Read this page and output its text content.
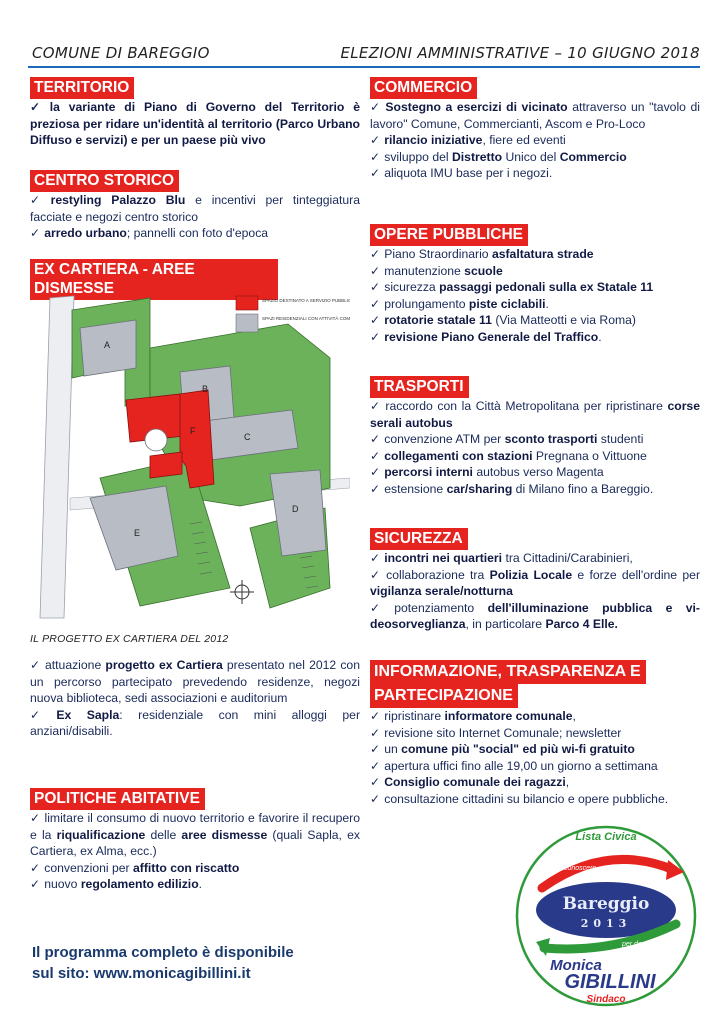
COMUNE DI BAREGGIO	ELEZIONI AMMINISTRATIVE – 10 GIUGNO 2018
TERRITORIO
✓ la variante di Piano di Governo del Territorio è preziosa per ridare un'identità al territorio (Parco Urbano Diffuso e servizi) e per un paese più vivo
CENTRO STORICO
✓ restyling Palazzo Blu e incentivi per tinteggiatura facciate e negozi centro storico
✓ arredo urbano; pannelli con foto d'epoca
EX CARTIERA - AREE DISMESSE
SPAZIO DESTINATO A SERVIZIO PUBBLICO
SPAZI RESIDENZIALI CON ATTIVITÀ COM
A
B
C
D
E
F
IL PROGETTO EX CARTIERA DEL 2012
✓ attuazione progetto ex Cartiera presentato nel 2012 con un percorso partecipato prevedendo residenze, negozi nuova biblioteca, sedi associazioni e auditorium
✓ Ex Sapla: residenziale con mini alloggi per anziani/disabili.
POLITICHE ABITATIVE
✓ limitare il consumo di nuovo territorio e favorire il recupero e la riqualificazione delle aree dismesse (quali Sapla, ex Cartiera, ex Alma, ecc.)
✓ convenzioni per affitto con riscatto
✓ nuovo regolamento edilizio.
Il programma completo è disponibile
sul sito: www.monicagibillini.it
COMMERCIO
✓ Sostegno a esercizi di vicinato attraverso un "tavolo di lavoro" Comune, Commercianti, Ascom e Pro-Loco
✓ rilancio iniziative, fiere ed eventi
✓ sviluppo del Distretto Unico del Commercio
✓ aliquota IMU base per i negozi.
OPERE PUBBLICHE
✓ Piano Straordinario asfaltatura strade
✓ manutenzione scuole
✓ sicurezza passaggi pedonali sulla ex Statale 11
✓ prolungamento piste ciclabili.
✓ rotatorie statale 11 (Via Matteotti e via Roma)
✓ revisione Piano Generale del Traffico.
TRASPORTI
✓ raccordo con la Città Metropolitana per ripristinare corse serali autobus
✓ convenzione ATM per sconto trasporti studenti
✓ collegamenti con stazioni Pregnana o Vittuone
✓ percorsi interni autobus verso Magenta
✓ estensione car/sharing di Milano fino a Bareggio.
SICUREZZA
✓ incontri nei quartieri tra Cittadini/Carabinieri,
✓ collaborazione tra Polizia Locale e forze dell'ordine per vigilanza serale/notturna
✓ potenziamento dell'illuminazione pubblica e vi-deosorveglianza, in particolare Parco 4 Elle.
INFORMAZIONE, TRASPARENZA E
PARTECIPAZIONE
✓ ripristinare informatore comunale,
✓ revisione sito Internet Comunale; newsletter
✓ un comune più "social" ed più wi-fi gratuito
✓ apertura uffici fino alle 19,00 un giorno a settimana
✓ Consiglio comunale dei ragazzi,
✓ consultazione cittadini su bilancio e opere pubbliche.
Lista Civica
conoscere
Bareggio
2013
per decidere
Monica
GIBILLINI
Sindaco
